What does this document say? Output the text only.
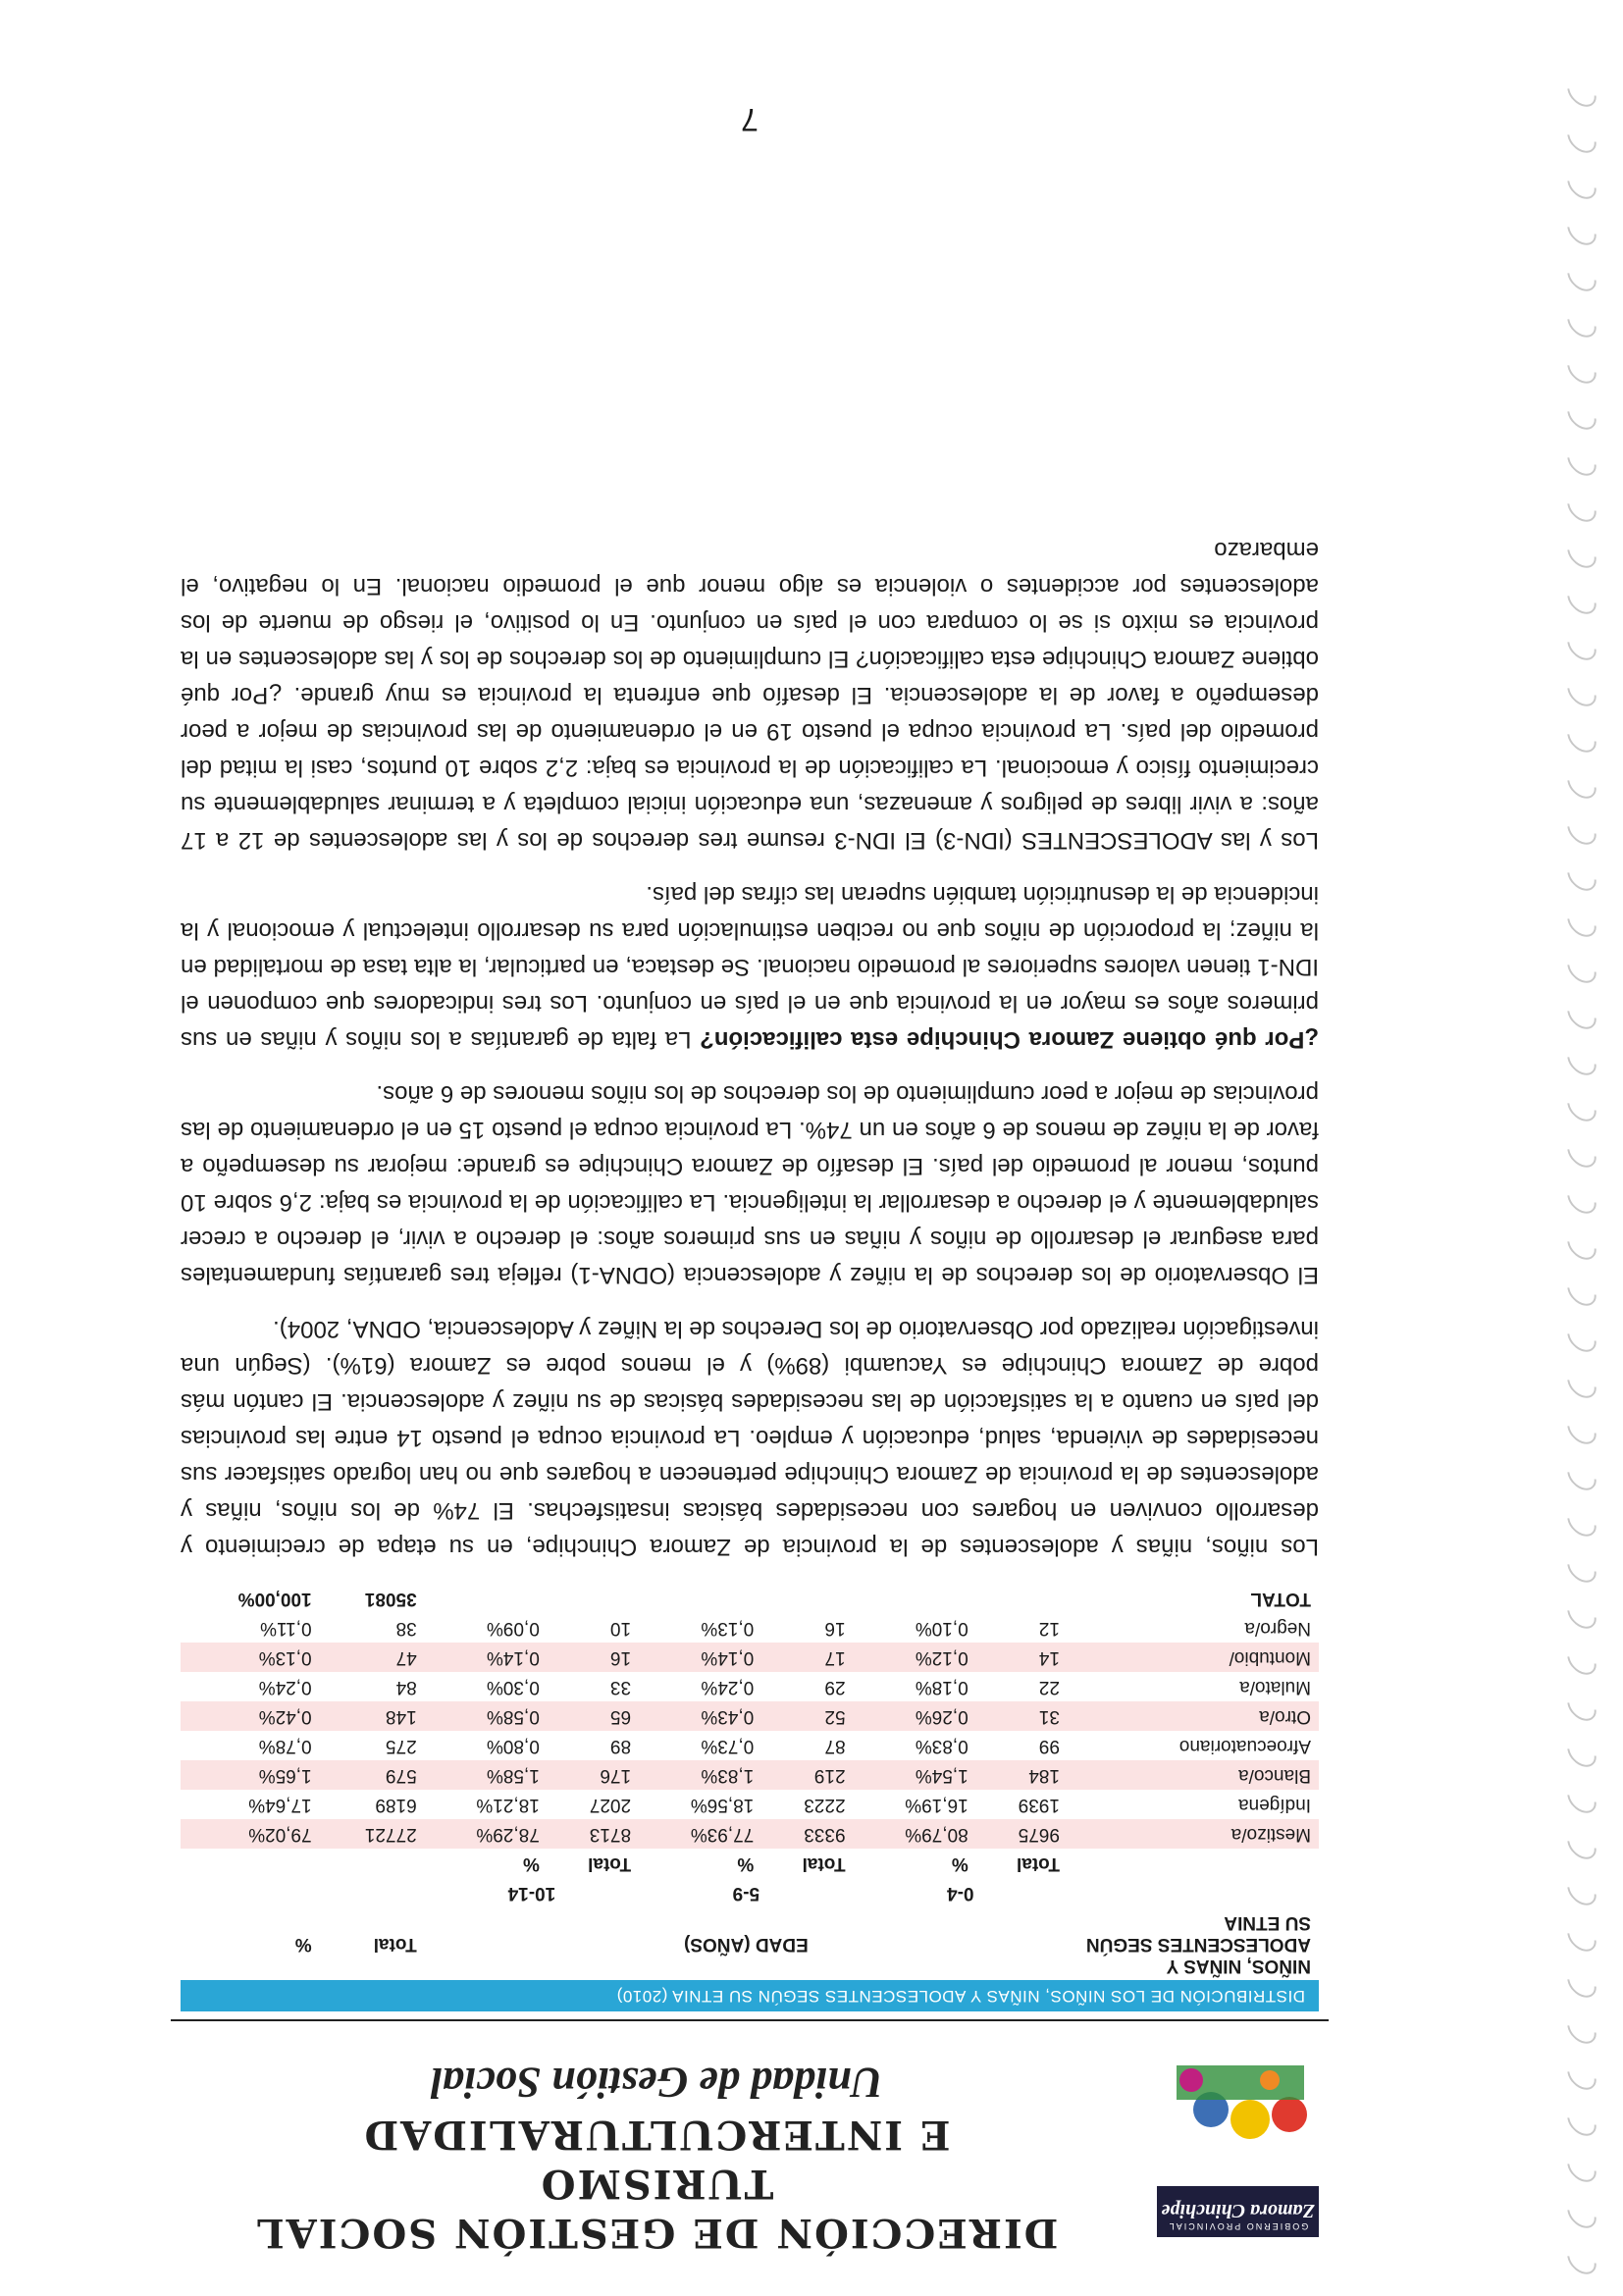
GOBIERNO PROVINCIAL
Zamora Chinchipe
DIRECCIÓN DE GESTIÓN SOCIAL TURISMO
E INTERCULTURALIDAD
Unidad de Gestión Social
DISTRIBUCIÓN DE LOS NIÑOS, NIÑAS Y ADOLESCENTES SEGÚN SU ETNIA (2010)
NIÑOS, NIÑAS Y ADOLESCENTES SEGÚN SU ETNIA	EDAD (AÑOS)						Total	%
	0-4		5-9		10-14			
	Total	%	Total	%	Total	%		
Mestizo/a	9675	80,79%	9333	77,93%	8713	78,29%	27721	79,02%
Indígena	1939	16,19%	2223	18,56%	2027	18,21%	6189	17,64%
Blanco/a	184	1,54%	219	1,83%	176	1,58%	579	1,65%
Afroecuatoriano	99	0,83%	87	0,73%	89	0,80%	275	0,78%
Otro/a	31	0,26%	52	0,43%	65	0,58%	148	0,42%
Mulato/a	22	0,18%	29	0,24%	33	0,30%	84	0,24%
Montubio/	14	0,12%	17	0,14%	16	0,14%	47	0,13%
Negro/a	12	0,10%	16	0,13%	10	0,09%	38	0,11%
TOTAL							35081	100,00%

Los niños, niñas y adolescentes de la provincia de Zamora Chinchipe, en su etapa de crecimiento y desarrollo conviven en hogares con necesidades básicas insatisfechas. El 74% de los niños, niñas y adolescentes de la provincia de Zamora Chinchipe pertenecen a hogares que no han logrado satisfacer sus necesidades de vivienda, salud, educación y empleo. La provincia ocupa el puesto 14 entre las provincias del país en cuanto a la satisfacción de las necesidades básicas de su niñez y adolescencia. El cantón más pobre de Zamora Chinchipe es Yacuambi (89%) y el menos pobre es Zamora (61%). (Según una investigación realizado por Observatorio de los Derechos de la Niñez y Adolescencia, ODNA, 2004).

El Observatorio de los derechos de la niñez y adolescencia (ODNA-1) refleja tres garantías fundamentales para asegurar el desarrollo de niños y niñas en sus primeros años: el derecho a vivir, el derecho a crecer saludablemente y el derecho a desarrollar la inteligencia. La calificación de la provincia es baja: 2,6 sobre 10 puntos, menor al promedio del país. El desafío de Zamora Chinchipe es grande: mejorar su desempeño a favor de la niñez de menos de 6 años en un 74%. La provincia ocupa el puesto 15 en el ordenamiento de las provincias de mejor a peor cumplimiento de los derechos de los niños menores de 6 años.

¿Por qué obtiene Zamora Chinchipe esta calificación? La falta de garantías a los niños y niñas en sus primeros años es mayor en la provincia que en el país en conjunto. Los tres indicadores que componen el IDN-1 tienen valores superiores al promedio nacional. Se destaca, en particular, la alta tasa de mortalidad en la niñez; la proporción de niños que no reciben estimulación para su desarrollo intelectual y emocional y la incidencia de la desnutrición también superan las cifras del país.

Los y las ADOLESCENTES (IDN-3) El IDN-3 resume tres derechos de los y las adolescentes de 12 a 17 años: a vivir libres de peligros y amenazas, una educación inicial completa y a terminar saludablemente su crecimiento físico y emocional. La calificación de la provincia es baja: 2,2 sobre 10 puntos, casi la mitad del promedio del país. La provincia ocupa el puesto 19 en el ordenamiento de las provincias de mejor a peor desempeño a favor de la adolescencia. El desafío que enfrenta la provincia es muy grande. ¿Por qué obtiene Zamora Chinchipe esta calificación? El cumplimiento de los derechos de los y las adolescentes en la provincia es mixto si se lo compara con el país en conjunto. En lo positivo, el riesgo de muerte de los adolescentes por accidentes o violencia es algo menor que el promedio nacional. En lo negativo, el embarazo

7
